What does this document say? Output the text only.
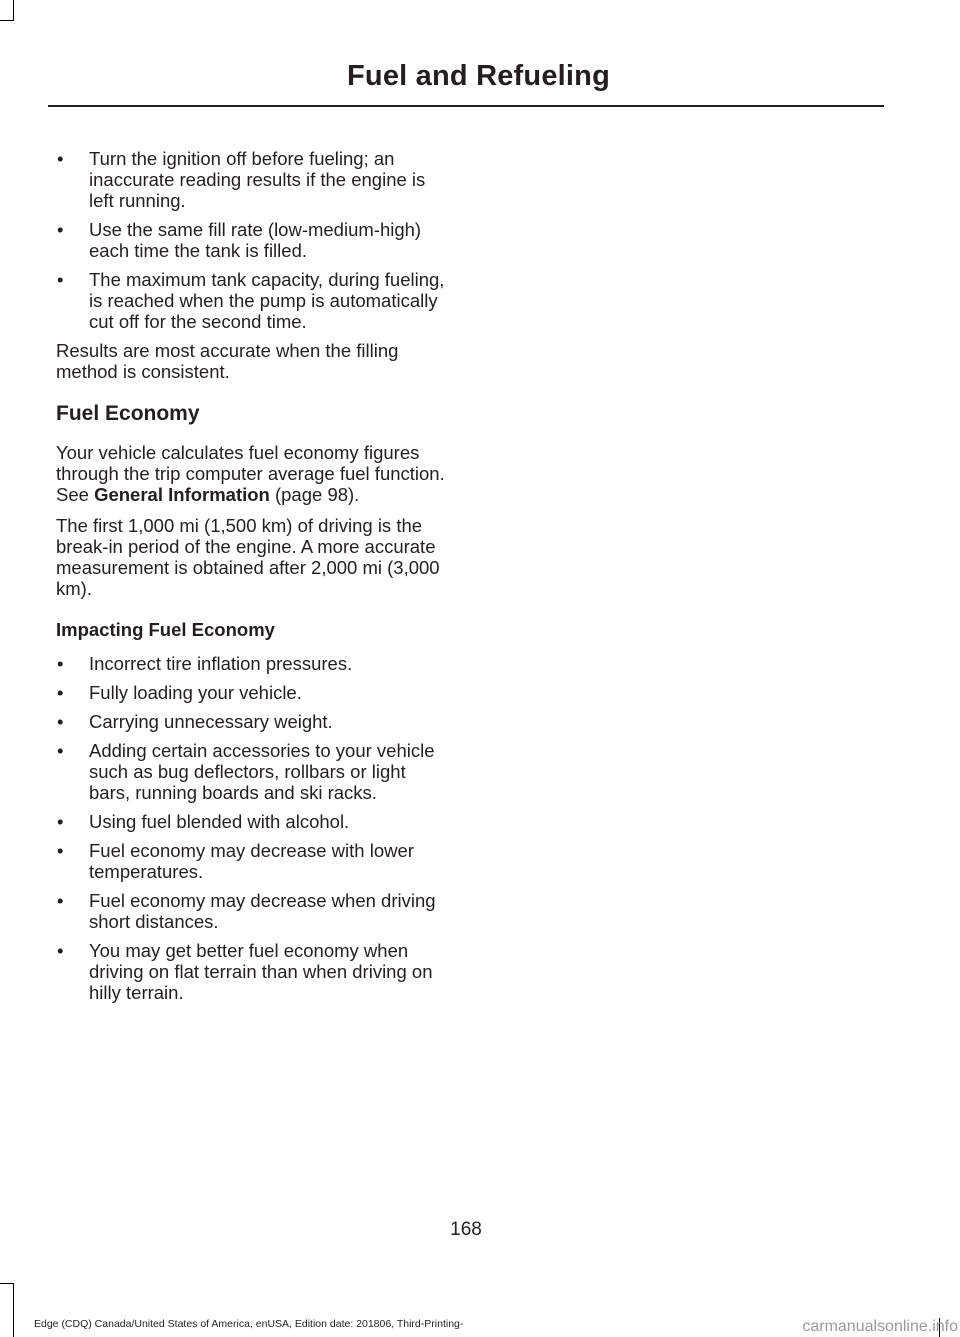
Fuel and Refueling
• Turn the ignition off before fueling; an inaccurate reading results if the engine is left running.
• Use the same fill rate (low-medium-high) each time the tank is filled.
• The maximum tank capacity, during fueling, is reached when the pump is automatically cut off for the second time.

Results are most accurate when the filling method is consistent.

Fuel Economy

Your vehicle calculates fuel economy figures through the trip computer average fuel function. See General Information (page 98).

The first 1,000 mi (1,500 km) of driving is the break-in period of the engine. A more accurate measurement is obtained after 2,000 mi (3,000 km).

Impacting Fuel Economy
• Incorrect tire inflation pressures.
• Fully loading your vehicle.
• Carrying unnecessary weight.
• Adding certain accessories to your vehicle such as bug deflectors, rollbars or light bars, running boards and ski racks.
• Using fuel blended with alcohol.
• Fuel economy may decrease with lower temperatures.
• Fuel economy may decrease when driving short distances.
• You may get better fuel economy when driving on flat terrain than when driving on hilly terrain.
168
Edge (CDQ) Canada/United States of America, enUSA, Edition date: 201806, Third-Printing-	carmanualsonline.info
